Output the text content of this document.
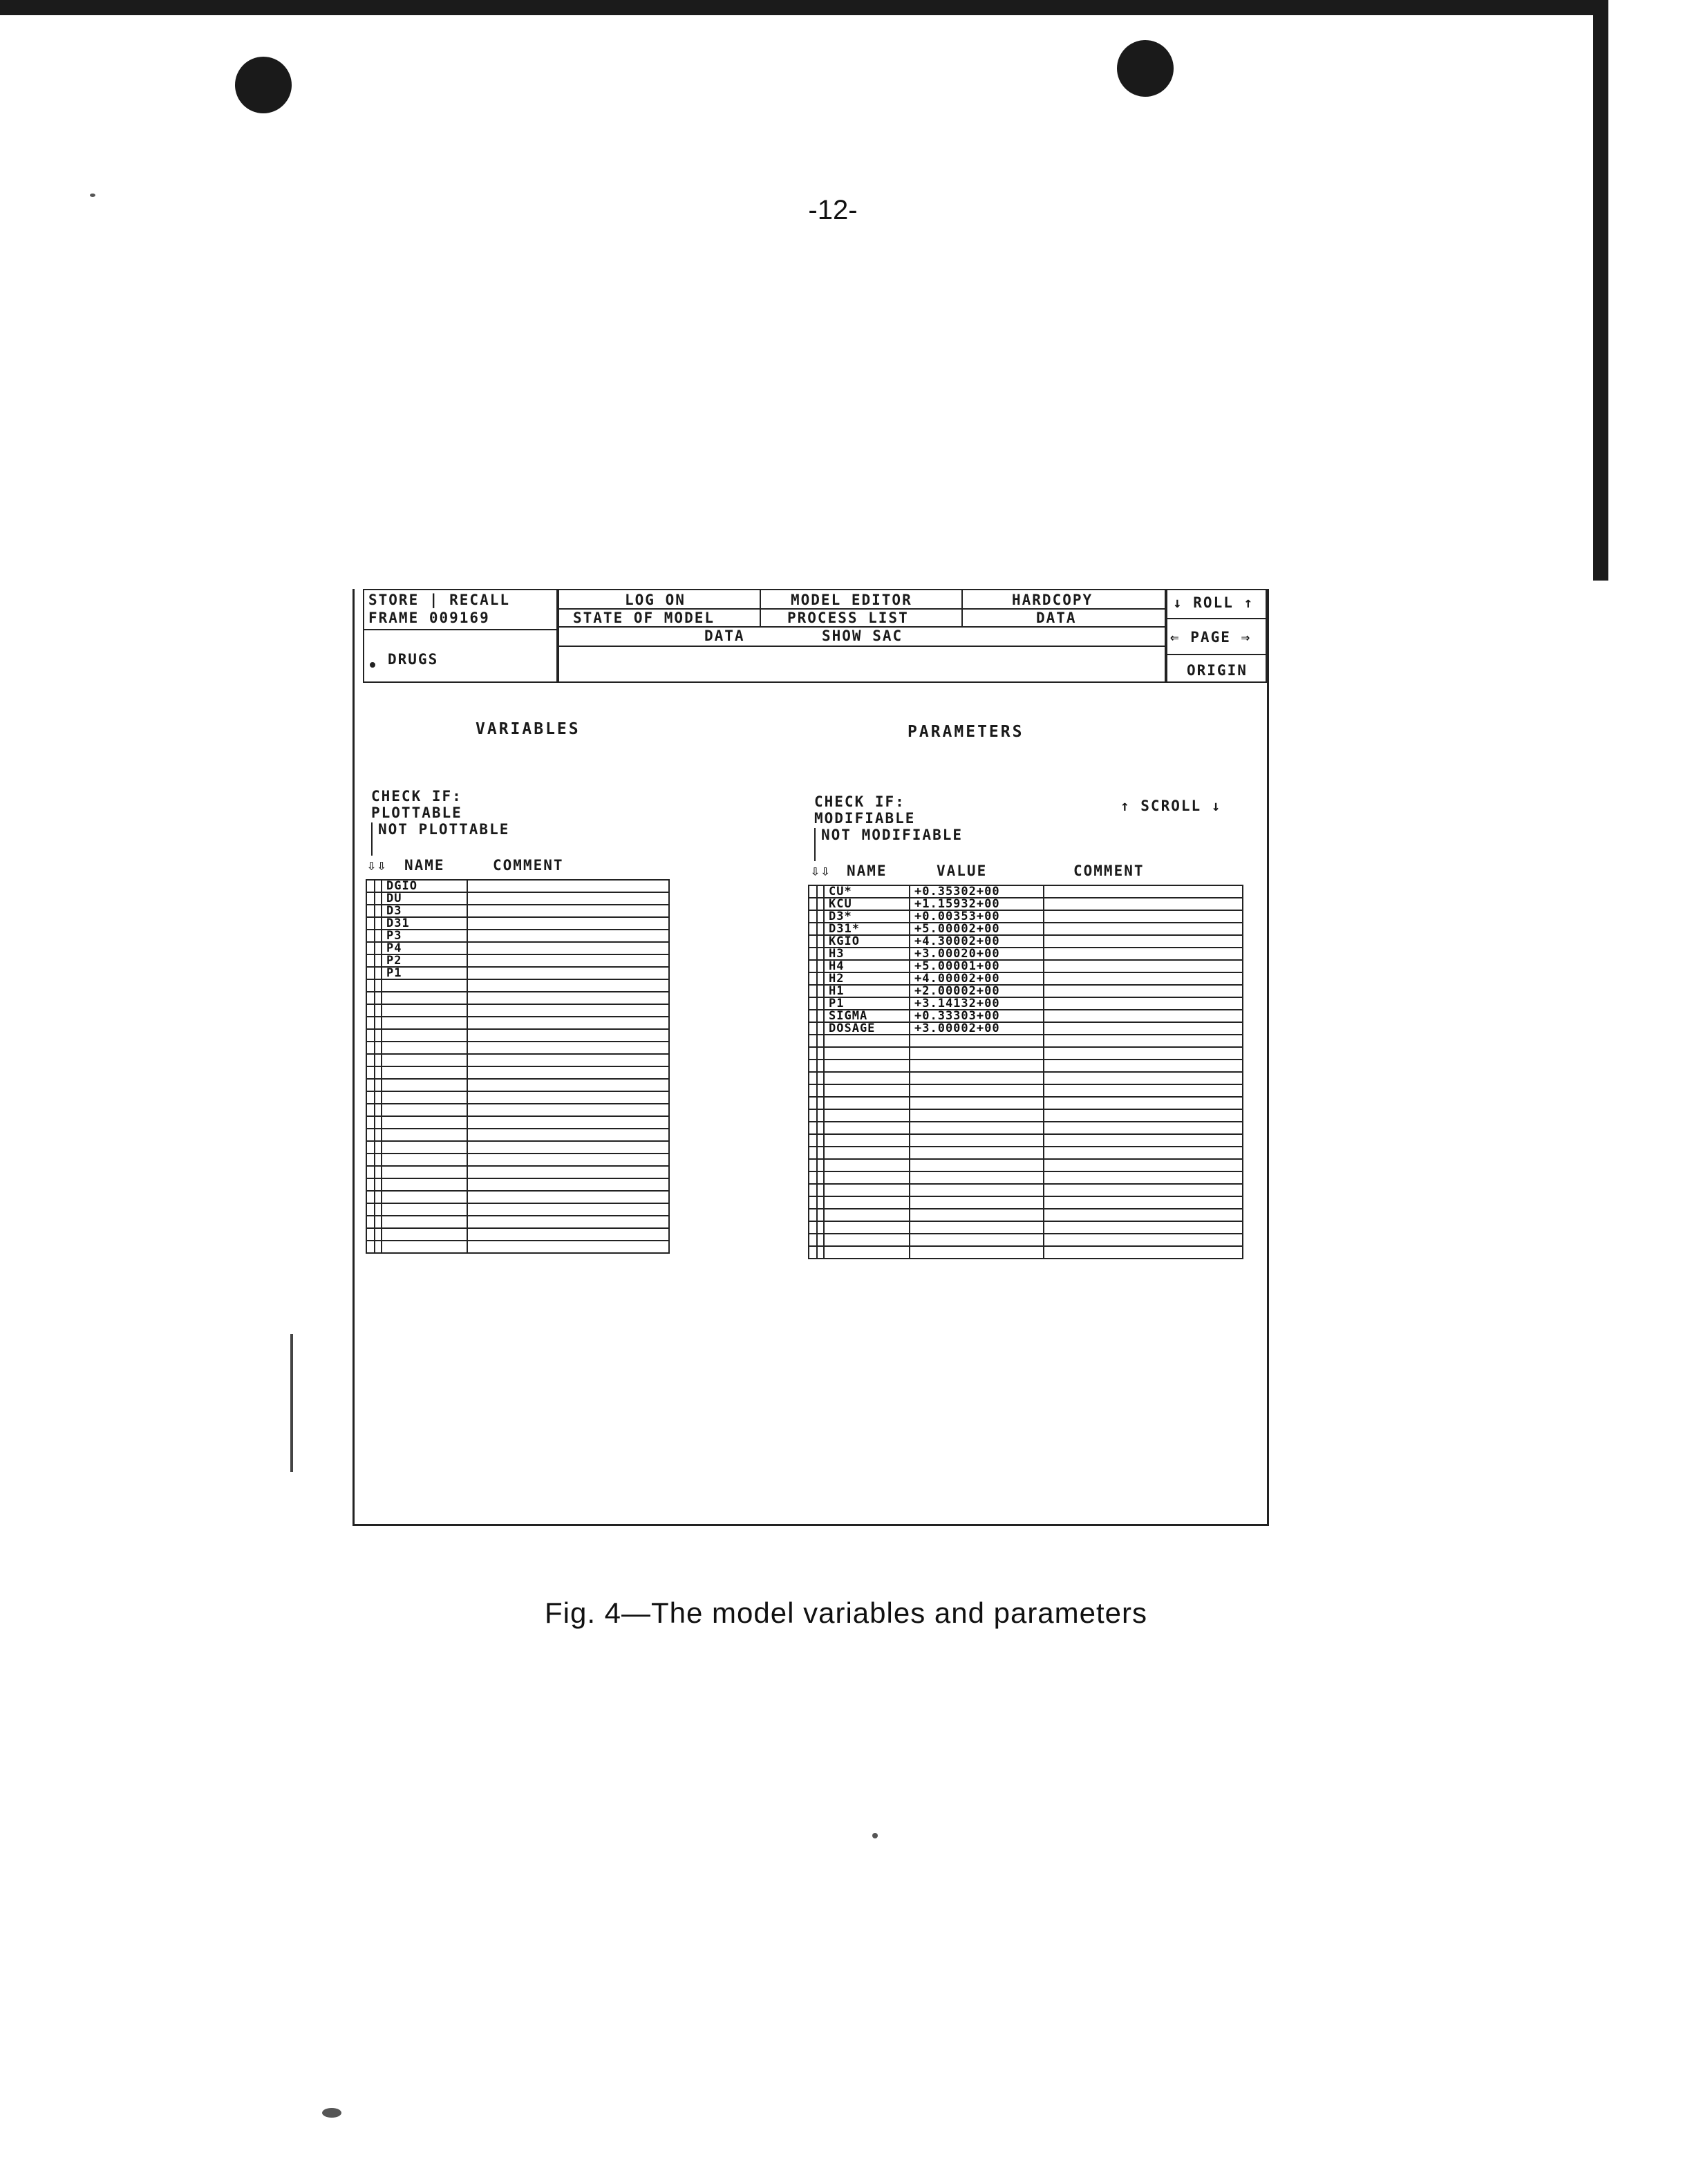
-12-
STORE | RECALL
FRAME 009169
DRUGS
LOG ON
STATE OF MODEL
DATA
MODEL EDITOR
PROCESS LIST
SHOW SAC
HARDCOPY
DATA
↓ ROLL ↑
⇐ PAGE ⇒
ORIGIN
VARIABLES
CHECK IF:
PLOTTABLE
NOT PLOTTABLE
⇩⇩ NAME	COMMENT
		DGIO	
		DU	
		D3	
		D31	
		P3	
		P4	
		P2	
		P1	

PARAMETERS
CHECK IF:
MODIFIABLE
NOT MODIFIABLE
↑ SCROLL ↓
⇩⇩ NAME	VALUE	COMMENT
		CU*	+0.35302+00	
		KCU	+1.15932+00	
		D3*	+0.00353+00	
		D31*	+5.00002+00	
		KGIO	+4.30002+00	
		H3	+3.00020+00	
		H4	+5.00001+00	
		H2	+4.00002+00	
		H1	+2.00002+00	
		P1	+3.14132+00	
		SIGMA	+0.33303+00	
		DOSAGE	+3.00002+00	

Fig. 4—The model variables and parameters
